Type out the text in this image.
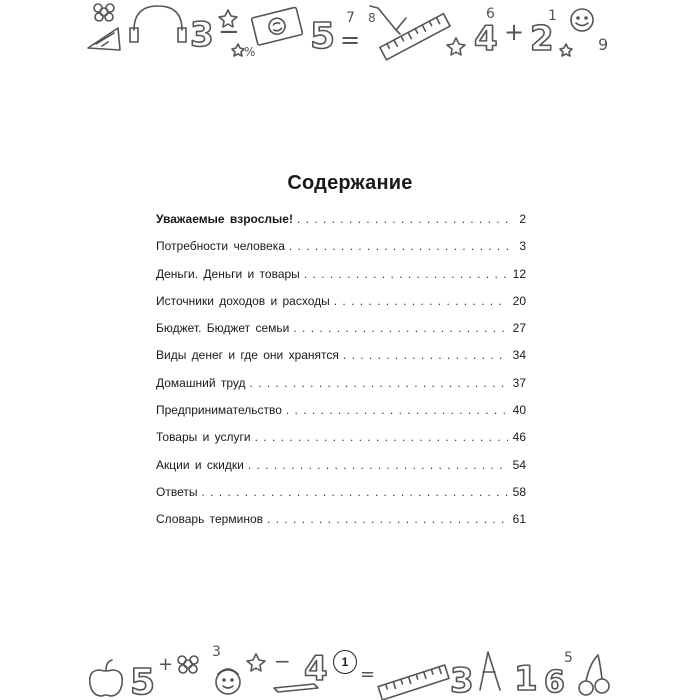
3 − 5 =
7
4 + 2
6
9
1
8
%
Содержание
Уважаемые взрослые! . . .	2
Потребности человека . . .	3
Деньги. Деньги и товары . . .	12
Источники доходов и расходы . . .	20
Бюджет. Бюджет семьи . . .	27
Виды денег и где они хранятся . . .	34
Домашний труд . . .	37
Предпринимательство . . .	40
Товары и услуги . . .	46
Акции и скидки . . .	54
Ответы . . .	58
Словарь терминов . . .	61
5 +	− 4 = 3 1 6
5
3
1
